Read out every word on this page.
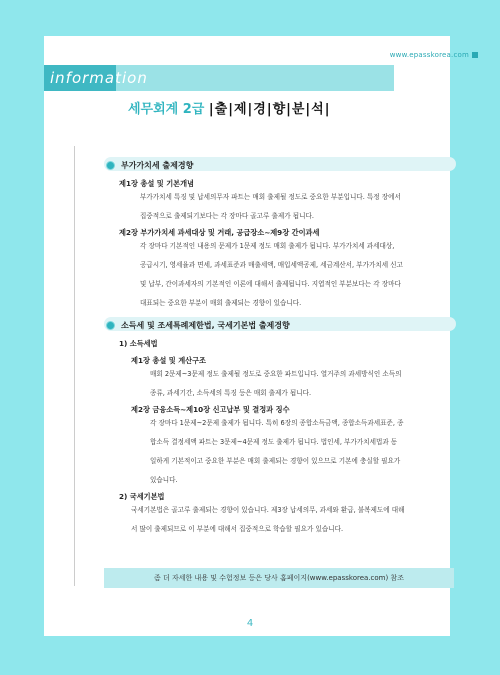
www.epasskorea.com
information
세무회계 2급 |출|제|경|향|분|석|
부가가치세 출제경향
제1장 총설 및 기본개념

부가가치세 특징 및 납세의무자 파트는 매회 출제될 정도로 중요한 부분입니다. 특정 장에서

집중적으로 출제되기보다는 각 장마다 골고루 출제가 됩니다.

제2장 부가가치세 과세대상 및 거래, 공급장소~제9장 간이과세

각 장마다 기본적인 내용의 문제가 1문제 정도 매회 출제가 됩니다. 부가가치세 과세대상,

공급시기, 영세율과 면세, 과세표준과 매출세액, 매입세액공제, 세금계산서, 부가가치세 신고

및 납부, 간이과세자의 기본적인 이론에 대해서 출제됩니다. 지엽적인 부분보다는 각 장마다

대표되는 중요한 부분이 매회 출제되는 경향이 있습니다.

소득세 및 조세특례제한법, 국세기본법 출제경향
1) 소득세법
제1장 총설 및 계산구조

매회 2문제~3문제 정도 출제될 정도로 중요한 파트입니다. 열거주의 과세방식인 소득의

종류, 과세기간, 소득세의 특징 등은 매회 출제가 됩니다.

제2장 금융소득~제10장 신고납부 및 결정과 징수

각 장마다 1문제~2문제 출제가 됩니다. 특히 6장의 종합소득금액, 종합소득과세표준, 종

합소득 결정세액 파트는 3문제~4문제 정도 출제가 됩니다. 법인세, 부가가치세법과 동

일하게 기본적이고 중요한 부분은 매회 출제되는 경향이 있으므로 기본에 충실할 필요가

있습니다.

2) 국세기본법

국세기본법은 골고루 출제되는 경향이 있습니다. 제3장 납세의무, 과세와 환급, 불복제도에 대해

서 많이 출제되므로 이 부분에 대해서 집중적으로 학습할 필요가 있습니다.

좀 더 자세한 내용 및 수험정보 등은 당사 홈페이지(www.epasskorea.com) 참조
4
